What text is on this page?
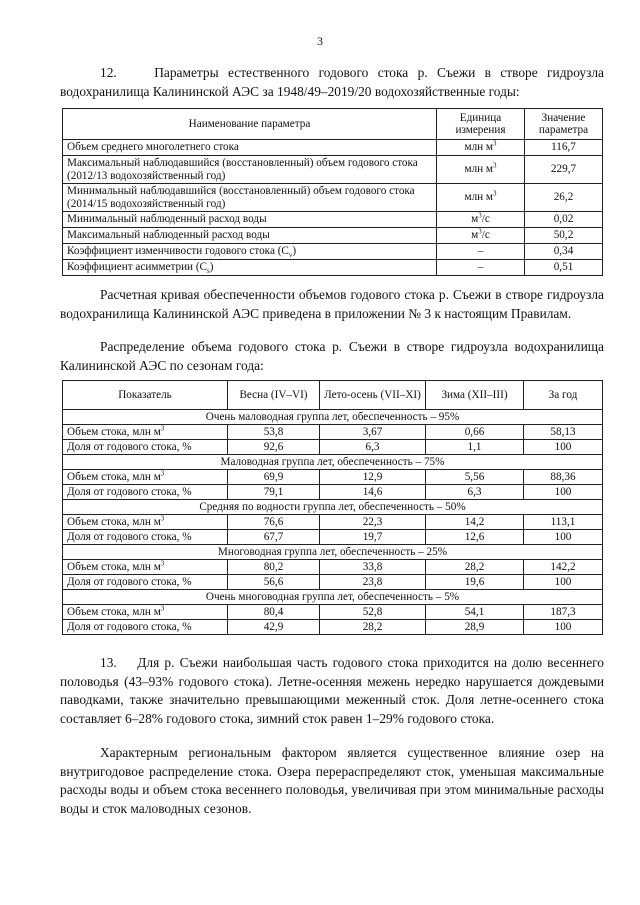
3
12.	Параметры естественного годового стока р. Съежи в створе гидроузла водохранилища Калининской АЭС за 1948/49–2019/20 водохозяйственные годы:
Наименование параметра	Единица измерения	Значение параметра
Объем среднего многолетнего стока	млн $м^3$	116,7
Максимальный наблюдавшийся (восстановленный) объем годового стока (2012/13 водохозяйственный год)	млн $м^3$	229,7
Минимальный наблюдавшийся (восстановленный) объем годового стока (2014/15 водохозяйственный год)	млн $м^3$	26,2
Минимальный наблюденный расход воды	$м^3/с$	0,02
Максимальный наблюденный расход воды	$м^3/с$	50,2
Коэффициент изменчивости годового стока $(C_v)$	–	0,34
Коэффициент асимметрии $(C_s)$	–	0,51
Расчетная кривая обеспеченности объемов годового стока р. Съежи в створе гидроузла водохранилища Калининской АЭС приведена в приложении № 3 к настоящим Правилам.
Распределение объема годового стока р. Съежи в створе гидроузла водохранилища Калининской АЭС по сезонам года:
Показатель	Весна (IV–VI)	Лето-осень (VII–XI)	Зима (XII–III)	За год
Очень маловодная группа лет, обеспеченность – 95%				
Объем стока, млн $м^3$	53,8	3,67	0,66	58,13
Доля от годового стока, %	92,6	6,3	1,1	100
Маловодная группа лет, обеспеченность – 75%				
Объем стока, млн $м^3$	69,9	12,9	5,56	88,36
Доля от годового стока, %	79,1	14,6	6,3	100
Средняя по водности группа лет, обеспеченность – 50%				
Объем стока, млн $м^3$	76,6	22,3	14,2	113,1
Доля от годового стока, %	67,7	19,7	12,6	100
Многоводная группа лет, обеспеченность – 25%				
Объем стока, млн $м^3$	80,2	33,8	28,2	142,2
Доля от годового стока, %	56,6	23,8	19,6	100
Очень многоводная группа лет, обеспеченность – 5%				
Объем стока, млн $м^3$	80,4	52,8	54,1	187,3
Доля от годового стока, %	42,9	28,2	28,9	100
13. Для р. Съежи наибольшая часть годового стока приходится на долю весеннего половодья (43–93% годового стока). Летне-осенняя межень нередко нарушается дождевыми паводками, также значительно превышающими меженный сток. Доля летне-осеннего стока составляет 6–28% годового стока, зимний сток равен 1–29% годового стока.
Характерным региональным фактором является существенное влияние озер на внутригодовое распределение стока. Озера перераспределяют сток, уменьшая максимальные расходы воды и объем стока весеннего половодья, увеличивая при этом минимальные расходы воды и сток маловодных сезонов.
